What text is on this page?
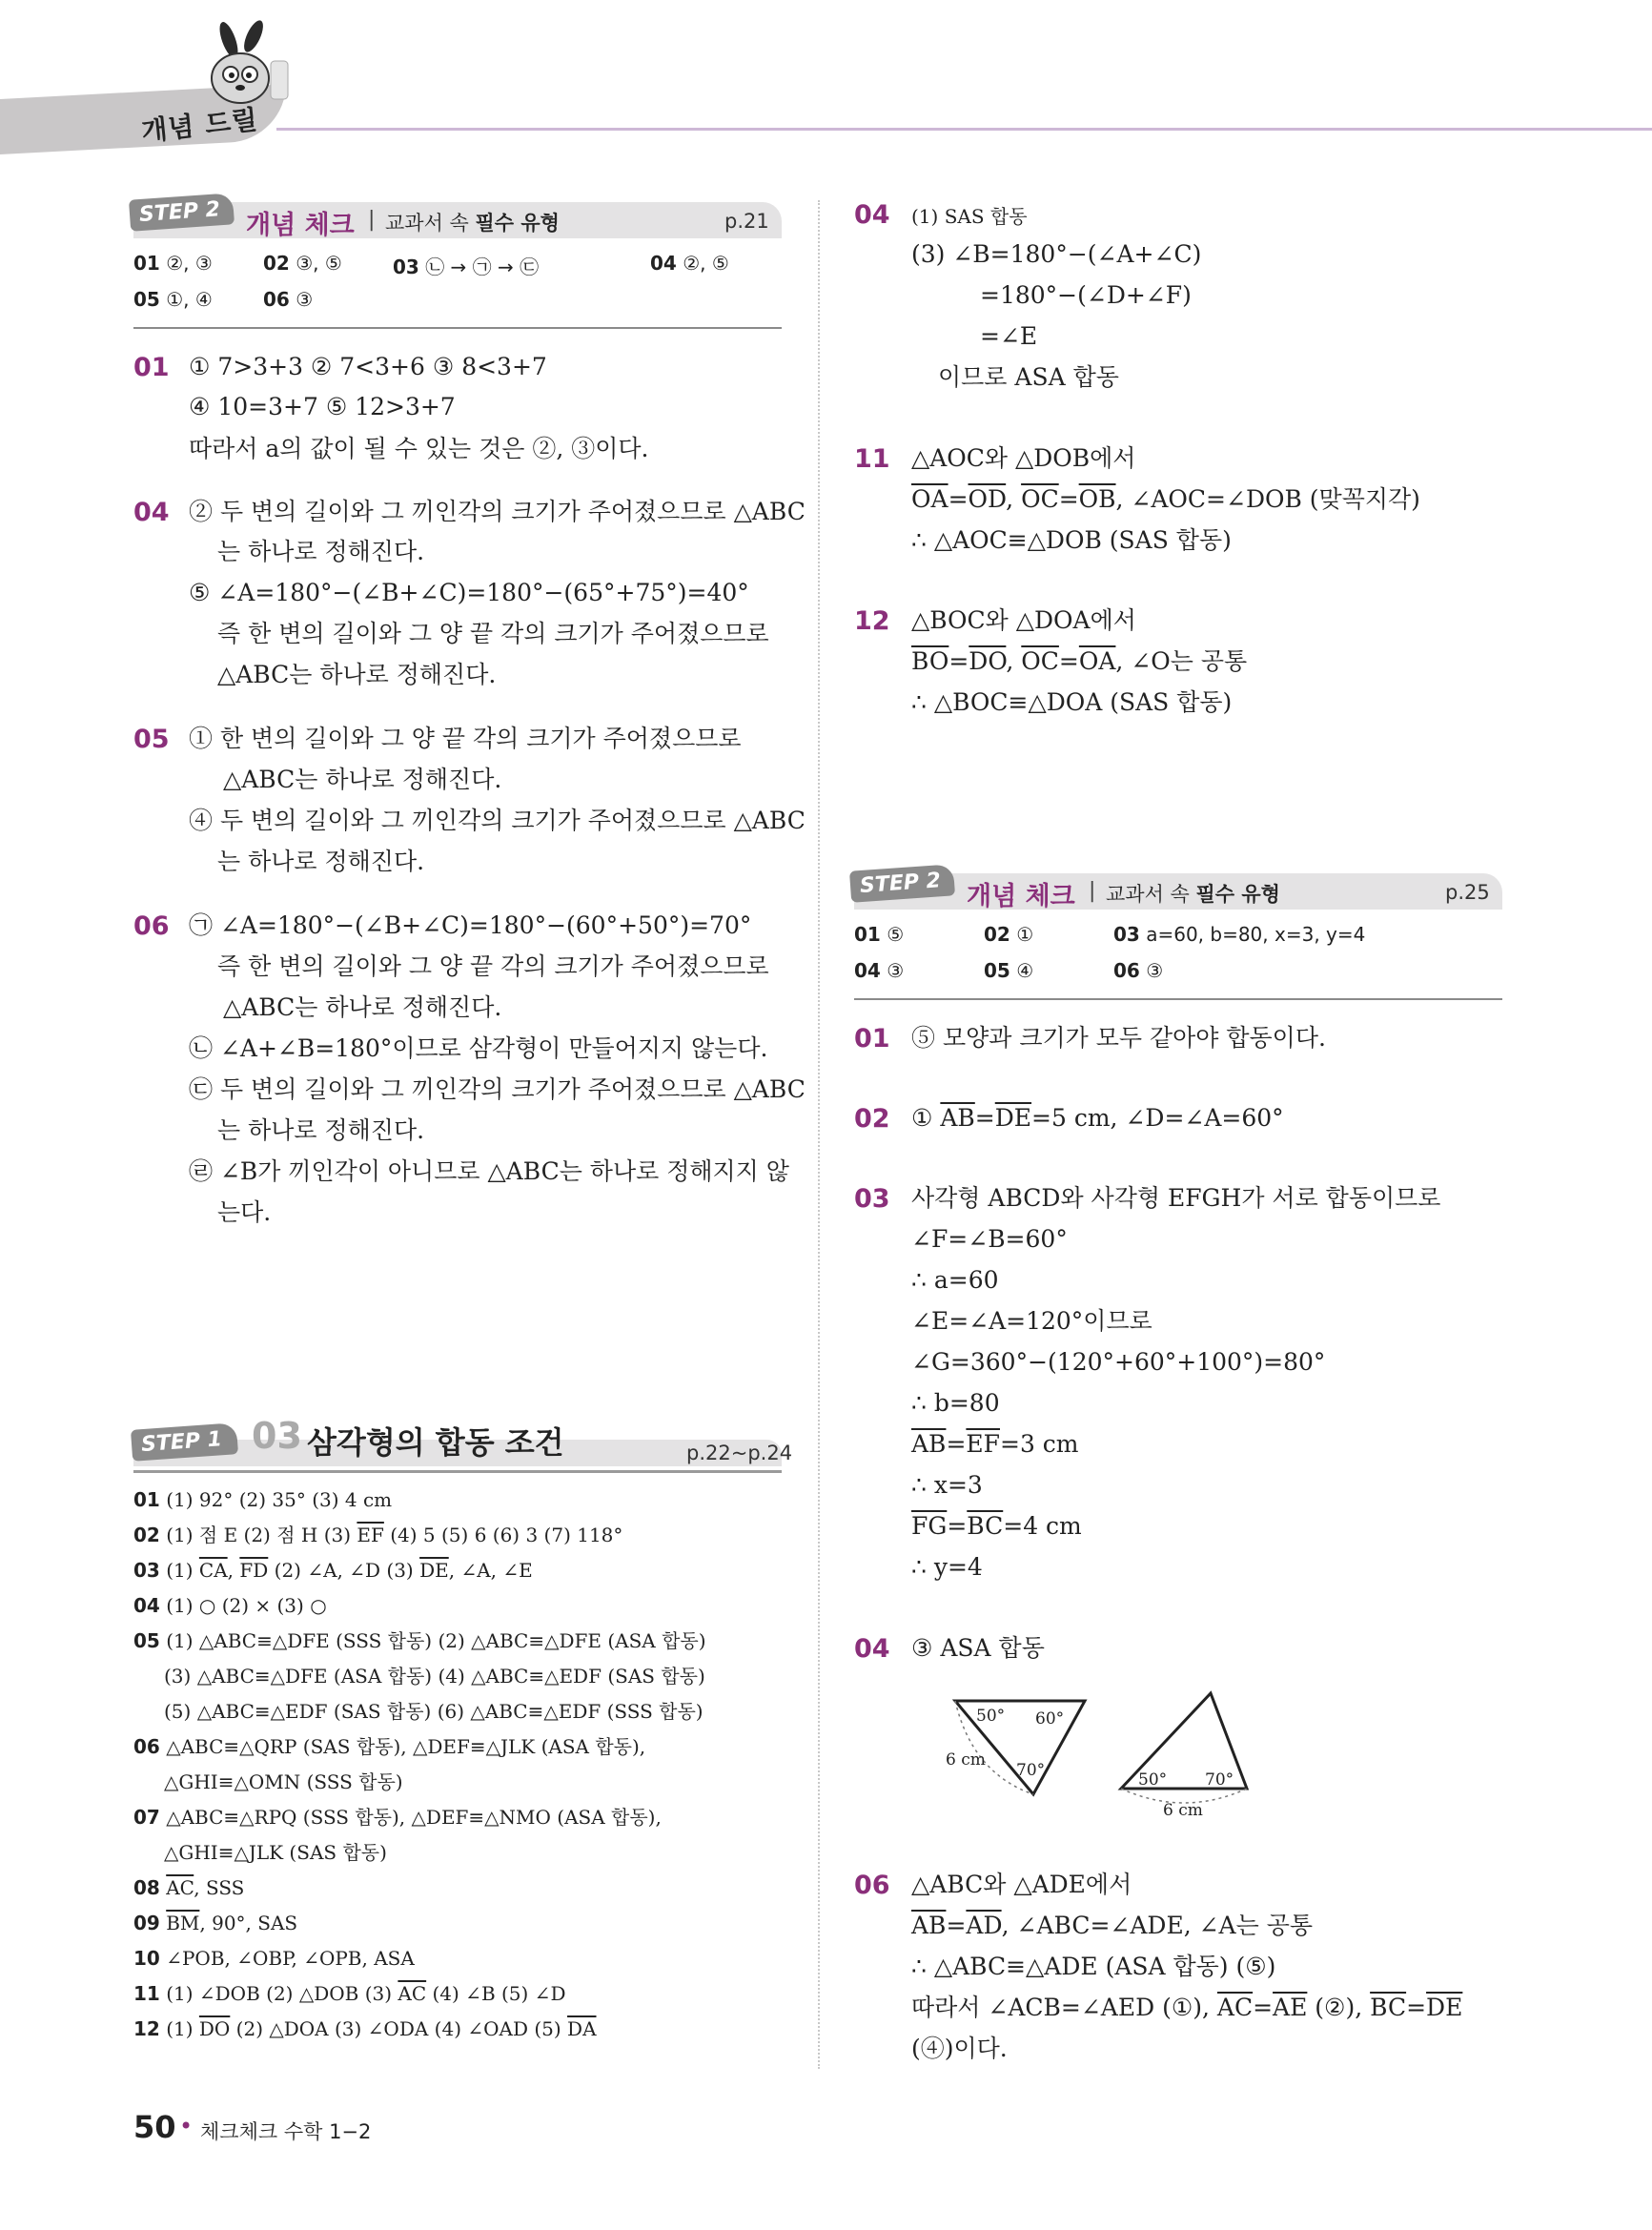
개념 드릴
STEP 2 개념 체크 | 교과서 속 필수 유형	p.21
01 ②, ③	02 ③, ⑤	03 ㉡ → ㉠ → ㉢	04 ②, ⑤
05 ①, ④	06 ③
01 ① 7>3+3 ② 7<3+6 ③ 8<3+7
④ 10=3+7 ⑤ 12>3+7
따라서 a의 값이 될 수 있는 것은 ②, ③이다.
04 ② 두 변의 길이와 그 끼인각의 크기가 주어졌으므로 △ABC
는 하나로 정해진다.
⑤ ∠A=180°−(∠B+∠C)=180°−(65°+75°)=40°
즉 한 변의 길이와 그 양 끝 각의 크기가 주어졌으므로
△ABC는 하나로 정해진다.
05 ① 한 변의 길이와 그 양 끝 각의 크기가 주어졌으므로
△ABC는 하나로 정해진다.
④ 두 변의 길이와 그 끼인각의 크기가 주어졌으므로 △ABC
는 하나로 정해진다.
06 ㉠ ∠A=180°−(∠B+∠C)=180°−(60°+50°)=70°
즉 한 변의 길이와 그 양 끝 각의 크기가 주어졌으므로
△ABC는 하나로 정해진다.
㉡ ∠A+∠B=180°이므로 삼각형이 만들어지지 않는다.
㉢ 두 변의 길이와 그 끼인각의 크기가 주어졌으므로 △ABC
는 하나로 정해진다.
㉣ ∠B가 끼인각이 아니므로 △ABC는 하나로 정해지지 않
는다.
STEP 1 03 삼각형의 합동 조건	p.22~p.24
01 (1) 92° (2) 35° (3) 4 cm
02 (1) 점 E (2) 점 H (3) $\overline{EF}$ (4) 5 (5) 6 (6) 3 (7) 118°
03 (1) $\overline{CA}$, $\overline{FD}$ (2) ∠A, ∠D (3) $\overline{DE}$, ∠A, ∠E
04 (1) ○ (2) × (3) ○
05 (1) △ABC≡△DFE (SSS 합동) (2) △ABC≡△DFE (ASA 합동)
(3) △ABC≡△DFE (ASA 합동) (4) △ABC≡△EDF (SAS 합동)
(5) △ABC≡△EDF (SAS 합동) (6) △ABC≡△EDF (SSS 합동)
06 △ABC≡△QRP (SAS 합동), △DEF≡△JLK (ASA 합동),
△GHI≡△OMN (SSS 합동)
07 △ABC≡△RPQ (SSS 합동), △DEF≡△NMO (ASA 합동),
△GHI≡△JLK (SAS 합동)
08 $\overline{AC}$, SSS
09 $\overline{BM}$, 90°, SAS
10 ∠POB, ∠OBP, ∠OPB, ASA
11 (1) ∠DOB (2) △DOB (3) $\overline{AC}$ (4) ∠B (5) ∠D
12 (1) $\overline{DO}$ (2) △DOA (3) ∠ODA (4) ∠OAD (5) $\overline{DA}$
04 (1) SAS 합동
(3) ∠B=180°−(∠A+∠C)
=180°−(∠D+∠F)
=∠E
이므로 ASA 합동
11 △AOC와 △DOB에서
$\overline{OA}=\overline{OD}$, $\overline{OC}=\overline{OB}$, ∠AOC=∠DOB (맞꼭지각)
∴ △AOC≡△DOB (SAS 합동)
12 △BOC와 △DOA에서
$\overline{BO}=\overline{DO}$, $\overline{OC}=\overline{OA}$, ∠O는 공통
∴ △BOC≡△DOA (SAS 합동)
STEP 2 개념 체크 | 교과서 속 필수 유형	p.25
01 ⑤	02 ①	03 a=60, b=80, x=3, y=4
04 ③	05 ④	06 ③
01 ⑤ 모양과 크기가 모두 같아야 합동이다.
02 ① $\overline{AB}=\overline{DE}=5$ cm, ∠D=∠A=60°
03 사각형 ABCD와 사각형 EFGH가 서로 합동이므로
∠F=∠B=60°
∴ a=60
∠E=∠A=120°이므로
∠G=360°−(120°+60°+100°)=80°
∴ b=80
$\overline{AB}=\overline{EF}=3$ cm
∴ x=3
$\overline{FG}=\overline{BC}=4$ cm
∴ y=4
04 ③ ASA 합동
50° 60°
70°
6 cm
50° 70°
6 cm
06 △ABC와 △ADE에서
$\overline{AB}=\overline{AD}$, ∠ABC=∠ADE, ∠A는 공통
∴ △ABC≡△ADE (ASA 합동) (⑤)
따라서 ∠ACB=∠AED (①), $\overline{AC}=\overline{AE}$ (②), $\overline{BC}=\overline{DE}$
(④)이다.
50 • 체크체크 수학 1−2
